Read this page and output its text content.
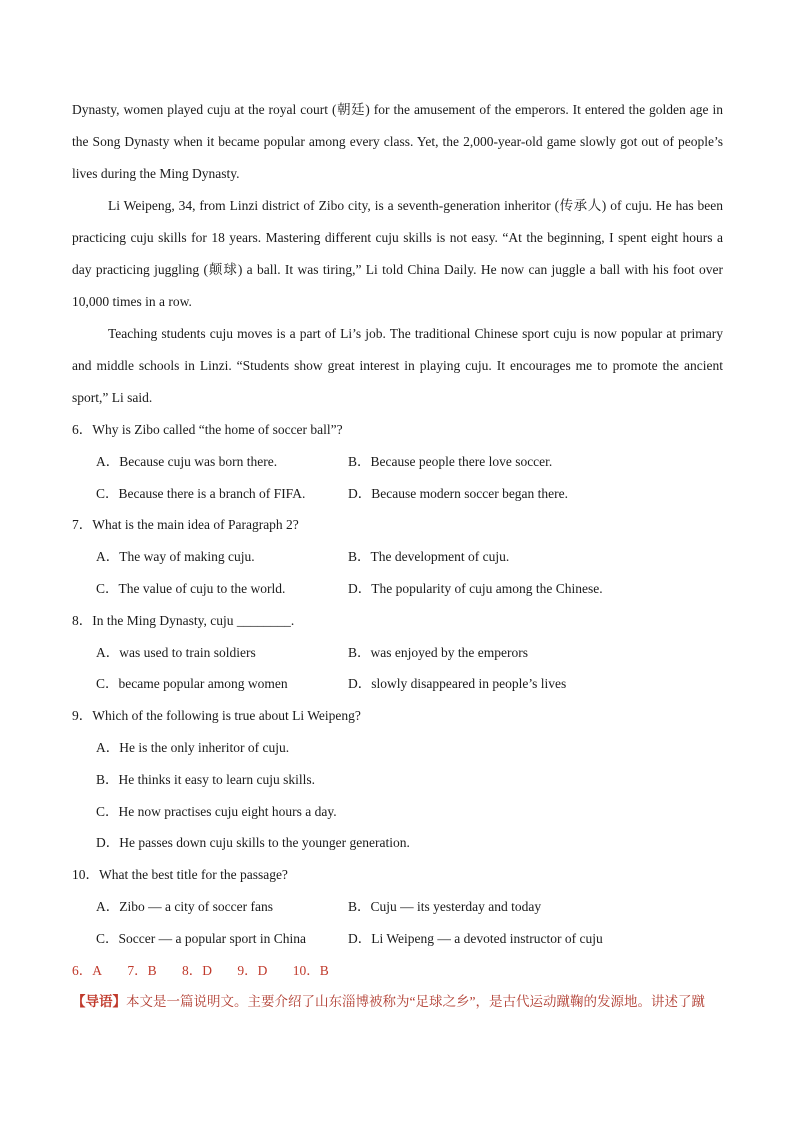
Dynasty, women played cuju at the royal court (朝廷) for the amusement of the emperors. It entered the golden age in the Song Dynasty when it became popular among every class. Yet, the 2,000-year-old game slowly got out of people’s lives during the Ming Dynasty.

Li Weipeng, 34, from Linzi district of Zibo city, is a seventh-generation inheritor (传承人) of cuju. He has been practicing cuju skills for 18 years. Mastering different cuju skills is not easy. “At the beginning, I spent eight hours a day practicing juggling (颠球) a ball. It was tiring,” Li told China Daily. He now can juggle a ball with his foot over 10,000 times in a row.

Teaching students cuju moves is a part of Li’s job. The traditional Chinese sport cuju is now popular at primary and middle schools in Linzi. “Students show great interest in playing cuju. It encourages me to promote the ancient sport,” Li said.

6．Why is Zibo called “the home of soccer ball”?

A．Because cuju was born there.	B．Because people there love soccer.
C．Because there is a branch of FIFA.	D．Because modern soccer began there.

7．What is the main idea of Paragraph 2?

A．The way of making cuju.	B．The development of cuju.
C．The value of cuju to the world.	D．The popularity of cuju among the Chinese.

8．In the Ming Dynasty, cuju ________.

A．was used to train soldiers	B．was enjoyed by the emperors
C．became popular among women	D．slowly disappeared in people’s lives

9．Which of the following is true about Li Weipeng?

A．He is the only inheritor of cuju.
B．He thinks it easy to learn cuju skills.
C．He now practises cuju eight hours a day.
D．He passes down cuju skills to the younger generation.

10．What the best title for the passage?

A．Zibo — a city of soccer fans	B．Cuju — its yesterday and today
C．Soccer — a popular sport in China	D．Li Weipeng — a devoted instructor of cuju
6．A 7．B 8．D 9．D 10．B
【导语】本文是一篇说明文。主要介绍了山东淄博被称为“足球之乡”，是古代运动蹴鞠的发源地。讲述了蹴
